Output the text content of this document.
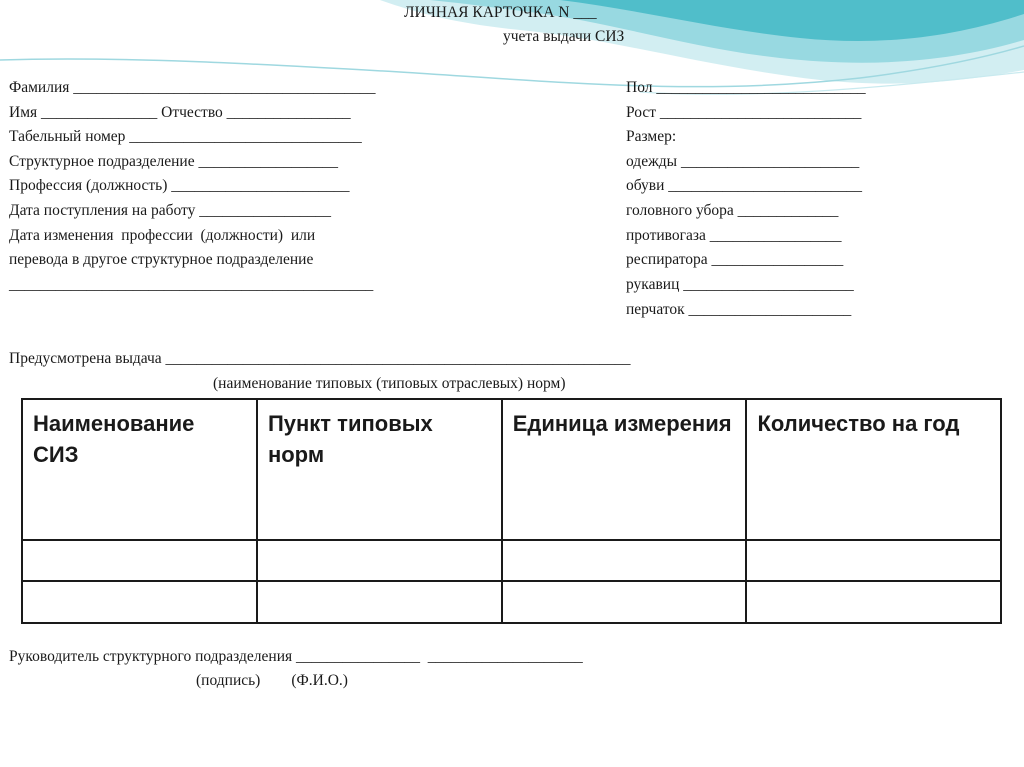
ЛИЧНАЯ КАРТОЧКА N ___
учета выдачи СИЗ
Фамилия _______________________________________
Имя _______________ Отчество ________________
Табельный номер ______________________________
Структурное подразделение __________________
Профессия (должность) _______________________
Дата поступления на работу _________________
Дата изменения  профессии  (должности)  или
перевода в другое структурное подразделение
_______________________________________________
Пол ___________________________
Рост __________________________
Размер:
одежды _______________________
обуви _________________________
головного убора _____________
противогаза _________________
респиратора _________________
рукавиц ______________________
перчаток _____________________
Предусмотрена выдача ____________________________________________________________
(наименование типовых (типовых отраслевых) норм)
Наименование СИЗ	Пункт типовых норм	Единица измерения	Количество на год

Руководитель структурного подразделения ________________  ____________________
(подпись)        (Ф.И.О.)
